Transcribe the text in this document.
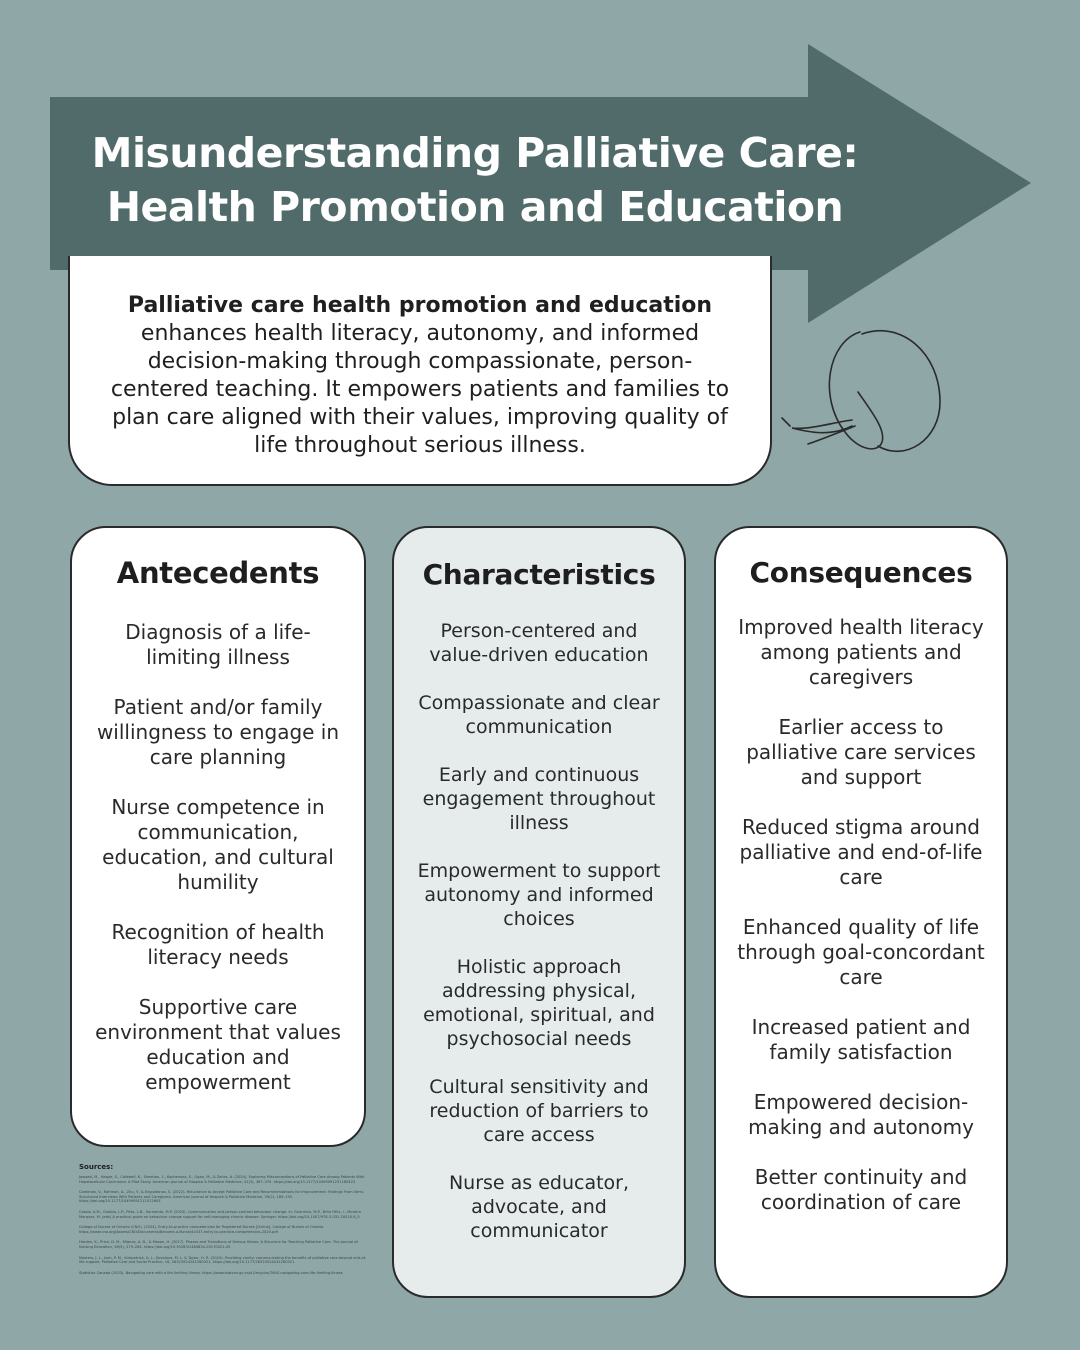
Misunderstanding Palliative Care:
Health Promotion and Education
Palliative care health promotion and education enhances health literacy, autonomy, and informed decision-making through compassionate, person-centered teaching. It empowers patients and families to plan care aligned with their values, improving quality of life throughout serious illness.
Antecedents
Diagnosis of a life-limiting illness
Patient and/or family willingness to engage in care planning
Nurse competence in communication, education, and cultural humility
Recognition of health literacy needs
Supportive care environment that values education and empowerment
Characteristics
Person-centered and value-driven education
Compassionate and clear communication
Early and continuous engagement throughout illness
Empowerment to support autonomy and informed choices
Holistic approach addressing physical, emotional, spiritual, and psychosocial needs
Cultural sensitivity and reduction of barriers to care access
Nurse as educator, advocate, and communicator
Consequences
Improved health literacy among patients and caregivers
Earlier access to palliative care services and support
Reduced stigma around palliative and end-of-life care
Enhanced quality of life through goal-concordant care
Increased patient and family satisfaction
Empowered decision-making and autonomy
Better continuity and coordination of care
Sources:

Jawaad, M., Haque, S., Caldwell, K., Sheehan, L., Kochendas, E., Ogan, M., & Zahra, A. (2024). Exploring Misconceptions of Palliative Care Among Patients With Hepatocellular Carcinoma: A Pilot Study. American Journal of Hospice & Palliative Medicine, 41(3), 367–370. https://doi.org/10.1177/10499091231185423

Cardenas, V., Rahman, A., Zhu, Y., & Enguidanos, S. (2022). Reluctance to Accept Palliative Care and Recommendations for Improvement: Findings From Semi-Structured Interviews With Patients and Caregivers. American Journal of Hospice & Palliative Medicine, 39(2), 189–195. https://doi.org/10.1177/10499091211012605

Cassia, A.M., Gubbia, L.P., Pitta, L.B., Sarmento, M.P. (2020). Communication and person-centred behaviour change. In: Guerreiro, M.P., Brito Félix, I., Moreira Marques, M. (eds) A practical guide on behaviour change support for self-managing chronic disease. Springer. https://doi.org/10.1007/978-3-031-20010-6_5

College of Nurses of Ontario (CNO). (2024). Entry-to-practice competencies for Registered Nurses [Online]. College of Nurses of Ontario. https://www.cno.org/Assets/CNO/Documents/Become-a-Nurse/41037-entry-to-practice-competencies-2020.pdf

Harden, K., Price, D. M., Mignos, A. D., & Mason, H. (2017). Phases and Transitions of Serious Illness: A Structure for Teaching Palliative Care. The Journal of Nursing Education, 56(5), 279–284. https://doi.org/10.3928/01484834-20170421-05

Masters, J. L., Josh, P. M., Kirkpatrick, A. L., Kovalova, M. L. & Taylor, H. R. (2024). Providing clarity: communicating the benefits of palliative care beyond end-of-life support. Palliative Care and Social Practice, 18, 26323524241260321. https://doi.org/10.1177/26323524241260321

Statistics Canada (2023). Navigating care with a life-limiting illness. https://www.statcan.gc.ca/o1/en/plus/7640-navigating-care-life-limiting-illness
